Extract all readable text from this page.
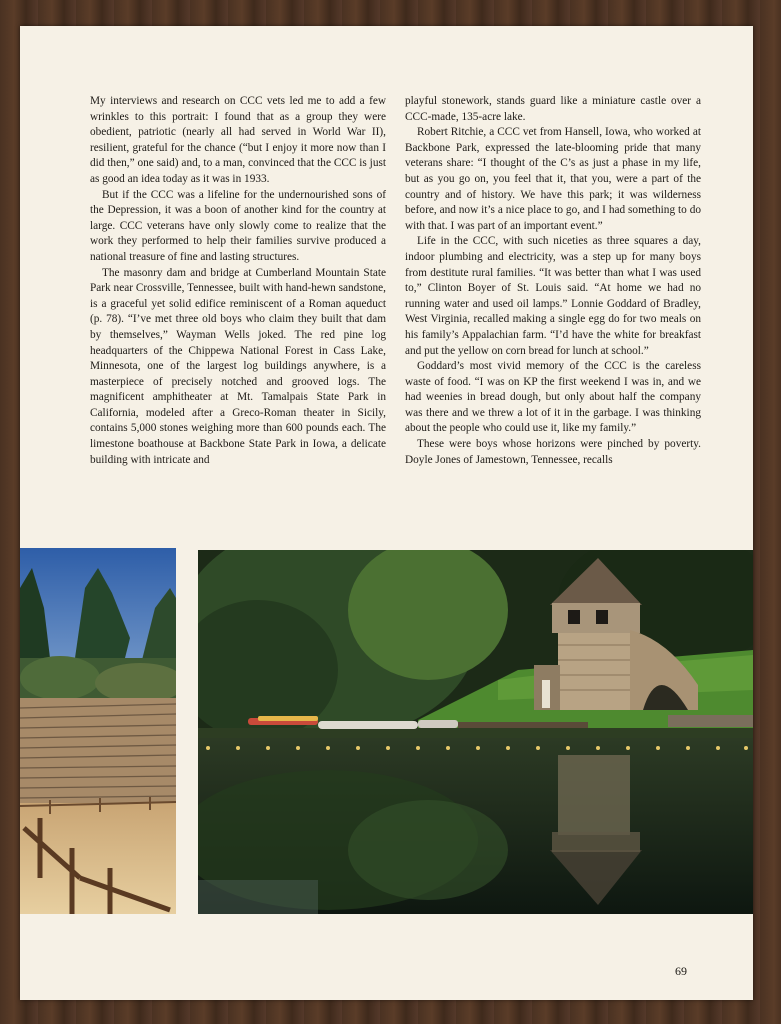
My interviews and research on CCC vets led me to add a few wrinkles to this portrait: I found that as a group they were obedient, patriotic (nearly all had served in World War II), resilient, grateful for the chance (“but I enjoy it more now than I did then,” one said) and, to a man, convinced that the CCC is just as good an idea today as it was in 1933.

But if the CCC was a lifeline for the undernourished sons of the Depression, it was a boon of another kind for the country at large. CCC veterans have only slowly come to realize that the work they performed to help their families survive produced a national treasure of fine and lasting structures.

The masonry dam and bridge at Cumberland Mountain State Park near Crossville, Tennessee, built with hand-hewn sandstone, is a graceful yet solid edifice reminiscent of a Roman aqueduct (p. 78). “I’ve met three old boys who claim they built that dam by themselves,” Wayman Wells joked. The red pine log headquarters of the Chippewa National Forest in Cass Lake, Minnesota, one of the largest log buildings anywhere, is a masterpiece of precisely notched and grooved logs. The magnificent amphitheater at Mt. Tamalpais State Park in California, modeled after a Greco-Roman theater in Sicily, contains 5,000 stones weighing more than 600 pounds each. The limestone boathouse at Backbone State Park in Iowa, a delicate building with intricate and

playful stonework, stands guard like a miniature castle over a CCC-made, 135-acre lake.

Robert Ritchie, a CCC vet from Hansell, Iowa, who worked at Backbone Park, expressed the late-blooming pride that many veterans share: “I thought of the C’s as just a phase in my life, but as you go on, you feel that it, that you, were a part of the country and of history. We have this park; it was wilderness before, and now it’s a nice place to go, and I had something to do with that. I was part of an important event.”

Life in the CCC, with such niceties as three squares a day, indoor plumbing and electricity, was a step up for many boys from destitute rural families. “It was better than what I was used to,” Clinton Boyer of St. Louis said. “At home we had no running water and used oil lamps.” Lonnie Goddard of Bradley, West Virginia, recalled making a single egg do for two meals on his family’s Appalachian farm. “I’d have the white for breakfast and put the yellow on corn bread for lunch at school.”

Goddard’s most vivid memory of the CCC is the careless waste of food. “I was on KP the first weekend I was in, and we had weenies in bread dough, but only about half the company was there and we threw a lot of it in the garbage. I was thinking about the people who could use it, like my family.”

These were boys whose horizons were pinched by poverty. Doyle Jones of Jamestown, Tennessee, recalls

69
